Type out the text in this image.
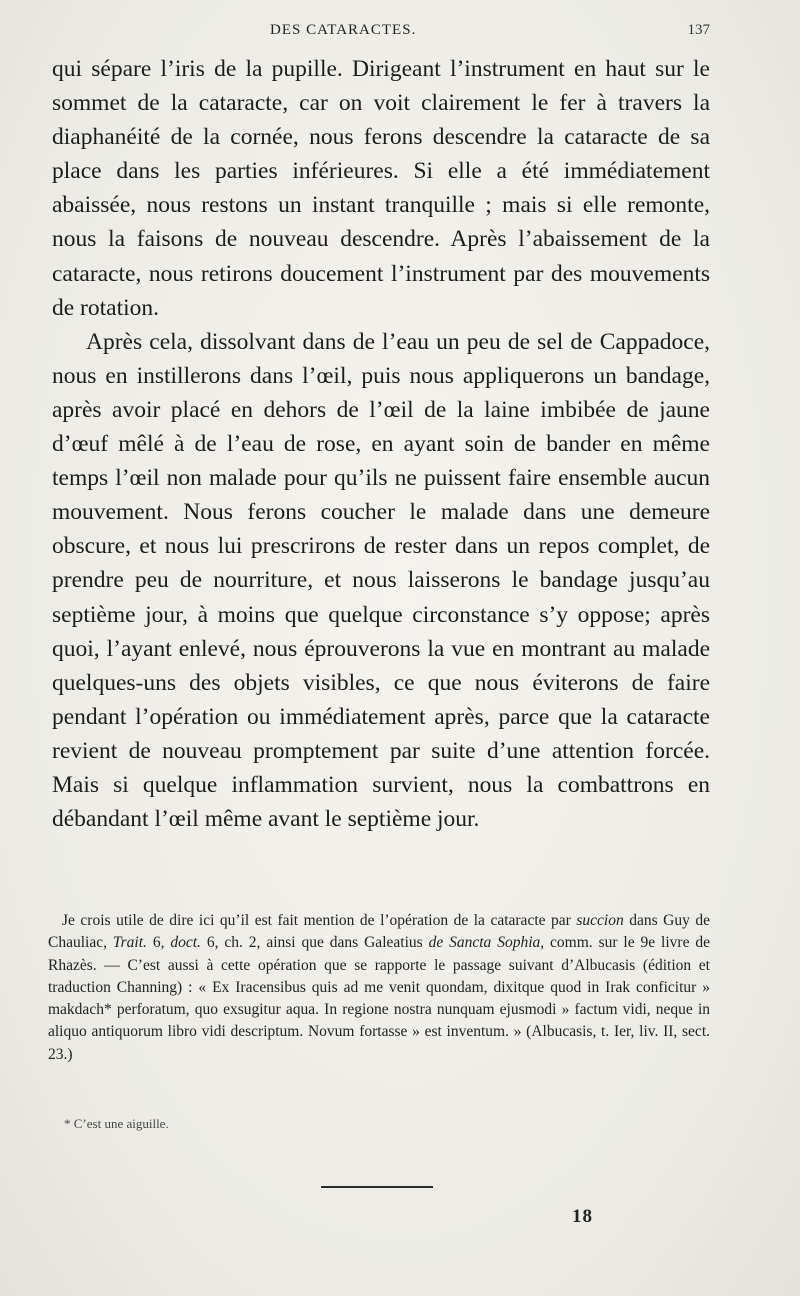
DES CATARACTES.	137

qui sépare l’iris de la pupille. Dirigeant l’instrument en haut sur le sommet de la cataracte, car on voit clairement le fer à travers la diaphanéité de la cornée, nous ferons descendre la cataracte de sa place dans les parties inférieures. Si elle a été immédiatement abaissée, nous restons un instant tranquille ; mais si elle remonte, nous la faisons de nouveau descendre. Après l’abaissement de la cataracte, nous retirons doucement l’instrument par des mouvements de rotation.

Après cela, dissolvant dans de l’eau un peu de sel de Cappadoce, nous en instillerons dans l’œil, puis nous appliquerons un bandage, après avoir placé en dehors de l’œil de la laine imbibée de jaune d’œuf mêlé à de l’eau de rose, en ayant soin de bander en même temps l’œil non malade pour qu’ils ne puissent faire ensemble aucun mouvement. Nous ferons coucher le malade dans une demeure obscure, et nous lui prescrirons de rester dans un repos complet, de prendre peu de nourriture, et nous laisserons le bandage jusqu’au septième jour, à moins que quelque circonstance s’y oppose; après quoi, l’ayant enlevé, nous éprouverons la vue en montrant au malade quelques-uns des objets visibles, ce que nous éviterons de faire pendant l’opération ou immédiatement après, parce que la cataracte revient de nouveau promptement par suite d’une attention forcée. Mais si quelque inflammation survient, nous la combattrons en débandant l’œil même avant le septième jour.

Je crois utile de dire ici qu’il est fait mention de l’opération de la cataracte par succion dans Guy de Chauliac, Trait. 6, doct. 6, ch. 2, ainsi que dans Galeatius de Sancta Sophia, comm. sur le 9e livre de Rhazès. — C’est aussi à cette opération que se rapporte le passage suivant d’Albucasis (édition et traduction Channing) : « Ex Iracensibus quis ad me venit quondam, dixitque quod in Irak conficitur » makdach* perforatum, quo exsugitur aqua. In regione nostra nunquam ejusmodi » factum vidi, neque in aliquo antiquorum libro vidi descriptum. Novum fortasse » est inventum. » (Albucasis, t. Ier, liv. II, sect. 23.)

* C’est une aiguille.
18
